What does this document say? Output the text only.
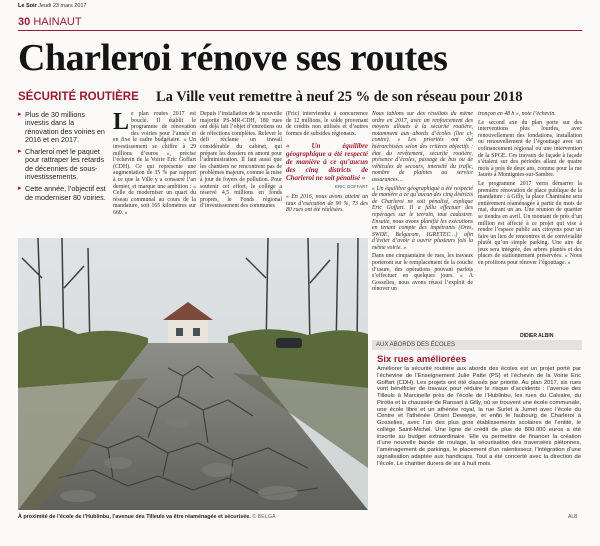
Le Soir Jeudi 23 mars 2017
30 HAINAUT
Charleroi rénove ses routes
SÉCURITÉ ROUTIÈRE La Ville veut remettre à neuf 25 % de son réseau pour 2018

▸ Plus de 30 millions investis dans la rénovation des voiries en 2016 et en 2017.

▸ Charleroi met le paquet pour rattraper les retards de décennies de sous-investissements.

▸ Cette année, l’objectif est de moderniser 80 voiries.

L e plan routes 2017 est bouclé. Il établit le programme de rénovation des voiries pour l’année et en fixe le cadre budgétaire. « Un investissement se chiffre à 29 millions d’euros », précise l’échevin de la Voirie Eric Goffart (CDH). Ce qui représente une augmentation de 35 % par rapport à ce que la Ville y a consacré l’an dernier, et marque une ambition : « Celle de moderniser un quart du réseau communal au cours de la mandature, soit 165 kilomètres sur 660. »

Depuis l’installation de la nouvelle majorité PS-MR-CDH, 180 rues ont déjà fait l’objet d’entretiens ou de réfections complètes. Relever le défi réclame un travail considérable du cabinet, qui prépare les dossiers en amont pour l’administration. Il faut aussi que les chantiers ne rencontrent pas de problèmes majeurs, comme la mise à jour de foyers de pollution. Pour soutenir cet effort, le collège a réservé 4,5 millions en fonds propres, le Fonds régional d’investissement des communes

(Fric) interviendra à concurrence de 12 millions, le solde provenant de crédits non utilisés et d’autres formes de subsides régionaux.

« Un équilibre géographique a été respecté de manière à ce qu’aucun des cinq districts de Charleroi ne soit pénalisé »
ERIC GOFFART

« En 2016, nous avons atteint un taux d’exécution de 90 %, 73 des 80 rues ont été réalisées.

Nous tablons sur des résultats du même ordre en 2017, avec un renforcement des moyens alloués à la sécurité routière, notamment aux abords d’écoles (lire ci-contre). » Les priorités ont été hiérarchisées selon des critères objectifs : état du revêtement, sécurité routière, présence d’écoles, passage de bus ou de véhicules de secours, intensité du trafic, nombre de plaintes au service assurances…

« Un équilibre géographique a été respecté de manière à ce qu’aucun des cinq districts de Charleroi ne soit pénalisé, explique Eric Goffart. Il a fallu effectuer des repérages sur le terrain, tout cadastrer. Ensuite, nous avons planifié les exécutions en tenant compte des impétrants (Ores, SWDE, Belgacom, IGRETEC…) afin d’éviter d’avoir à ouvrir plusieurs fois la même voirie. »

Dans une cinquantaine de rues, les travaux porteront sur le remplacement de la couche d’usure, des opérations pouvant parfois s’effectuer en quelques jours. « À Gosselies, nous avons réussi l’exploit de rénover un

tronçon en 48 h », note l’échevin.

Le second axe du plan porte sur des interventions plus lourdes, avec renouvellement des fondations, installation ou renouvellement de l’égouttage avec un cofinancement régional ou une intervention de la SPGE. Ces travaux de façade à façade s’étalent sur des périodes allant de quatre mois à près de deux ans, comme pour la rue Jaurès à Montignies-sur-Sambre.

Le programme 2017 verra démarrer la première rénovation de place publique de la mandature : à Gilly, la place Chantraine sera entièrement réaménagée à partir du mois de mai, durant un an. Une réunion de quartier se tiendra en avril. Un montant de près d’un million est affecté à ce projet qui vise à rendre l’espace public aux citoyens pour un faire un lieu de rencontres et de convivialité plutôt qu’un simple parking. Une aire de jeux sera intégrée, des arbres plantés et des places de stationnement préservées. « Nous en profitons pour rénover l’égouttage. »

DIDIER ALBIN
À proximité de l’école de l’Hublinbu, l’avenue des Tilleuls va être réaménagée et sécurisée. © BELGA
AUX ABORDS DES ÉCOLES
Six rues améliorées
Améliorer la sécurité routière aux abords des écoles est un projet porté par l’échevine de l’Enseignement Julie Patte (PS) et l’échevin de la Voirie Eric Goffart (CDH). Les projets ont été classés par priorité. Au plan 2017, six rues vont bénéficier de travaux pour réduire le risque d’accidents : l’avenue des Tilleuls à Marcinelle près de l’école de l’Hublinbu, les rues du Calvaire, du Pirotia et la chaussée de Ransart à Gilly, où se trouvent une école communale, une école libre et un athénée royal, la rue Surlet à Jumet avec l’école du Centre et l’athénée Orsini Dewerpe, et enfin le faubourg de Charleroi à Gosselies, avec l’un des plus gros établissements scolaires de l’entité, le collège Saint-Michel. Une ligne de crédit de plus de 800.000 euros a été inscrite au budget extraordinaire. Elle va permettre de financer la création d’une nouvelle bande de roulage, la sécurisation des traversées piétonnes, l’aménagement de parkings, le placement d’un ralentisseur, l’intégration d’une signalisation adaptée aux handicaps. Tout a été concerté avec la direction de l’école. Le chantier durera de six à huit mois.
ALB
